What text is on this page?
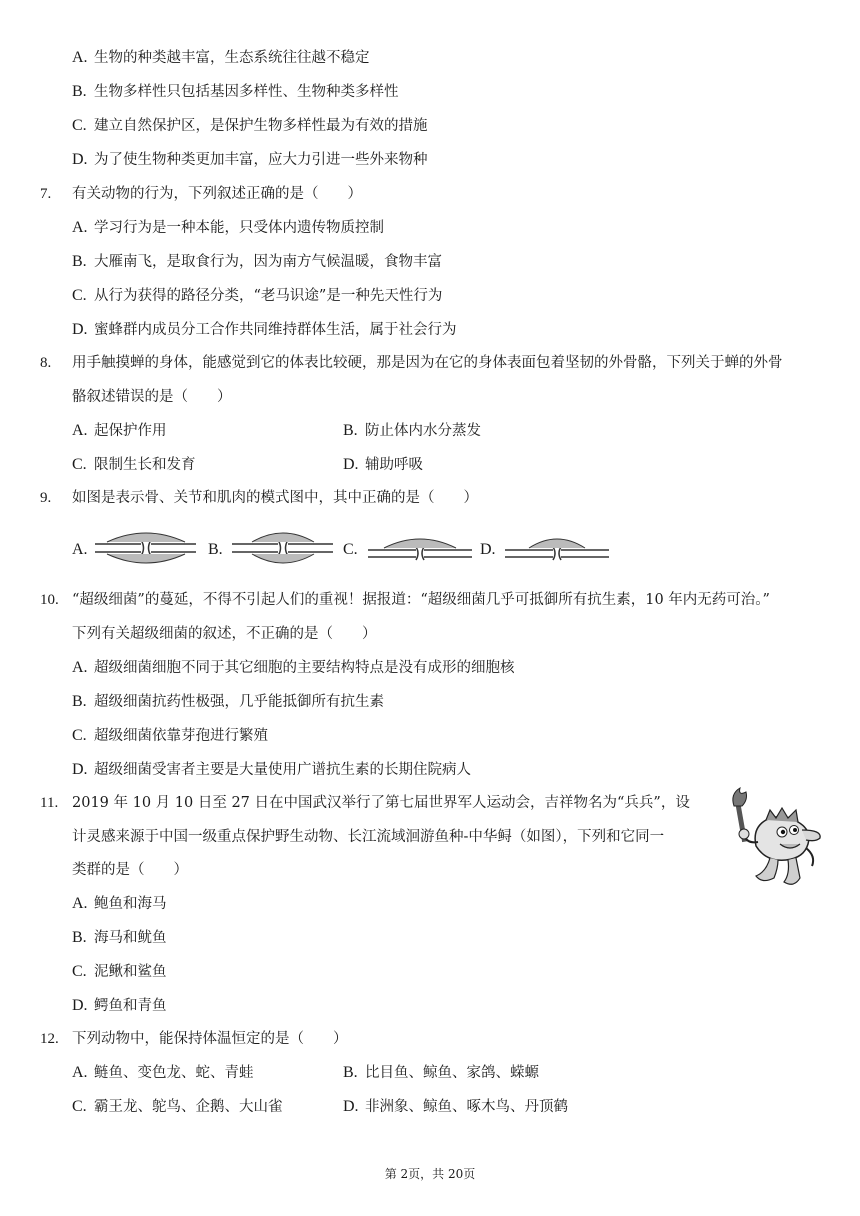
A. 生物的种类越丰富，生态系统往往越不稳定
B. 生物多样性只包括基因多样性、生物种类多样性
C. 建立自然保护区，是保护生物多样性最为有效的措施
D. 为了使生物种类更加丰富，应大力引进一些外来物种
7. 有关动物的行为，下列叙述正确的是（　　）
A. 学习行为是一种本能，只受体内遗传物质控制
B. 大雁南飞，是取食行为，因为南方气候温暖，食物丰富
C. 从行为获得的路径分类，“老马识途”是一种先天性行为
D. 蜜蜂群内成员分工合作共同维持群体生活，属于社会行为
8. 用手触摸蝉的身体，能感觉到它的体表比较硬，那是因为在它的身体表面包着坚韧的外骨骼，下列关于蝉的外骨
骼叙述错误的是（　　）
A. 起保护作用	B. 防止体内水分蒸发
C. 限制生长和发育	D. 辅助呼吸
9. 如图是表示骨、关节和肌肉的模式图中，其中正确的是（　　）
A.	B.	C.	D.
10. “超级细菌”的蔓延，不得不引起人们的重视！据报道：“超级细菌几乎可抵御所有抗生素，10 年内无药可治。”
下列有关超级细菌的叙述，不正确的是（　　）
A. 超级细菌细胞不同于其它细胞的主要结构特点是没有成形的细胞核
B. 超级细菌抗药性极强，几乎能抵御所有抗生素
C. 超级细菌依靠芽孢进行繁殖
D. 超级细菌受害者主要是大量使用广谱抗生素的长期住院病人
11. 2019 年 10 月 10 日至 27 日在中国武汉举行了第七届世界军人运动会，吉祥物名为“兵兵”，设
计灵感来源于中国一级重点保护野生动物、长江流域洄游鱼种-中华鲟（如图），下列和它同一
类群的是（　　）
A. 鲍鱼和海马
B. 海马和鱿鱼
C. 泥鳅和鲨鱼
D. 鳄鱼和青鱼
12. 下列动物中，能保持体温恒定的是（　　）
A. 鲢鱼、变色龙、蛇、青蛙	B. 比目鱼、鲸鱼、家鸽、蝾螈
C. 霸王龙、鸵鸟、企鹅、大山雀	D. 非洲象、鲸鱼、啄木鸟、丹顶鹤
第 2页，共 20页
